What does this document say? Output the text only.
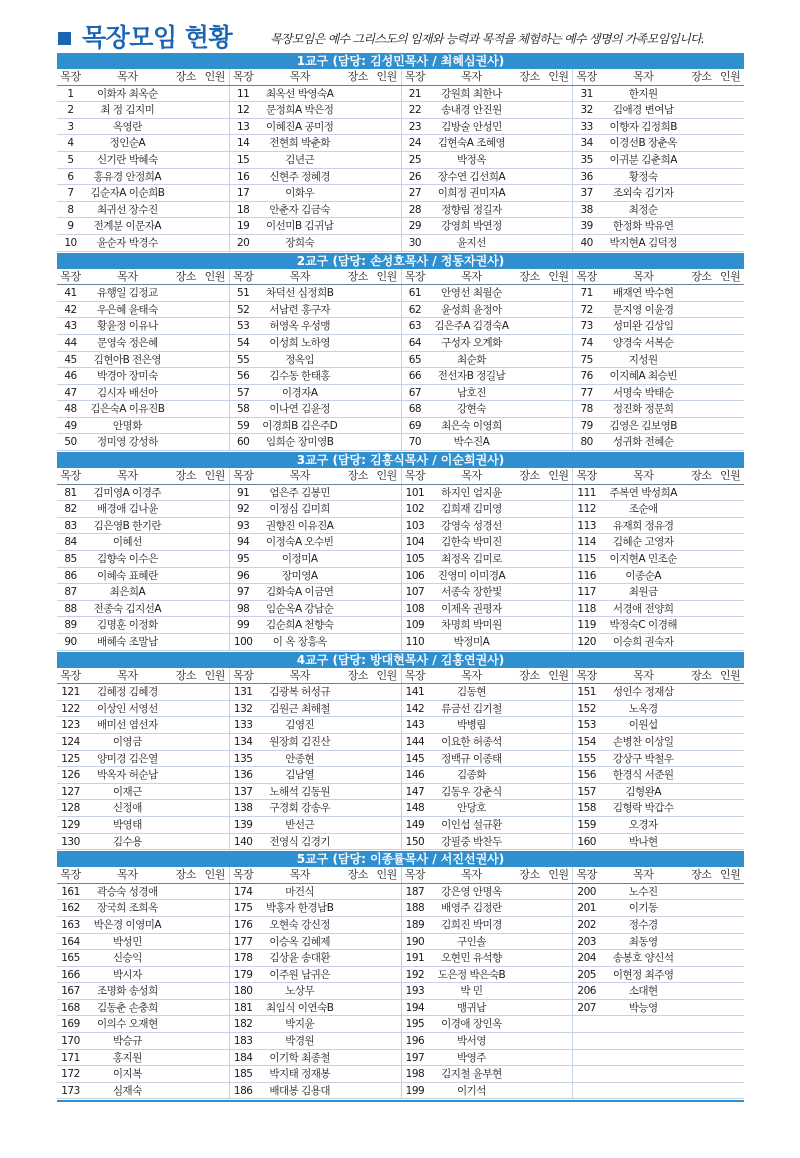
목장모임 현황	목장모임은 예수 그리스도의 임재와 능력과 목적을 체험하는 예수 생명의 가족모임입니다.
1교구 (담당: 김성민목사 / 최혜심권사)
목장	목자	장소 인원 목장	목자	장소 인원 목장	목자	장소 인원 목장	목자	장소 인원
1	이화자 최옥순	11	최옥선 박영숙A	21	강원희 최한나	31	한지원
2	최 정 김지미	12	문정희A 박은정	22	송내경 안진원	32	김애경 변여남
3	옥영란	13	이혜진A 공미정	23	김방술 안성민	33	이향자 김정희B
4	정인순A	14	전현희 박춘화	24	김현숙A 조혜영	34	이경선B 장춘옥
5	신기란 박혜숙	15	김년근	25	박정옥	35	이귀분 김춘희A
6	홍유경 안정희A	16	신현주 정혜경	26	장수연 김선희A	36	황정숙
7	김순자A 이순희B	17	이화우	27	이희정 권미자A	37	조외숙 김기자
8	최귀선 장수진	18	안춘자 김금숙	28	정향림 정길자	38	최정순
9	전계분 이문자A	19	이선미B 김귀남	29	강영희 박연정	39	한정화 박유연
10	윤순자 박경수	20	장희숙	30	윤지선	40	박지현A 김덕정
2교구 (담당: 손성호목사 / 정동자권사)
목장	목자	장소 인원 목장	목자	장소 인원 목장	목자	장소 인원 목장	목자	장소 인원
41	유행일 김정교	51	차덕선 심정희B	61	안영선 최월순	71	배재연 박수현
42	우은혜 윤태숙	52	서남련 홍구자	62	윤성희 윤정아	72	문지영 이윤경
43	황윤정 이유나	53	허영옥 우성맹	63	김은주A 김경숙A	73	성미완 김상임
44	문영숙 정은혜	54	이성희 노하영	64	구성자 오계화	74	양경숙 서복순
45	김현아B 전은영	55	정옥임	65	최순화	75	지성원
46	박경아 장미숙	56	김수동 한태홍	66	전선자B 정길남	76	이지혜A 최승빈
47	김시자 배선아	57	이경자A	67	남호진	77	서명숙 박태순
48	김은숙A 이유진B	58	이나연 김윤정	68	강현숙	78	정진화 정문희
49	안명화	59	이경희B 김은주D	69	최은숙 이영희	79	김영은 김보영B
50	정미영 강성하	60	임희순 장미영B	70	박수진A	80	성귀화 전혜순
3교구 (담당: 김홍식목사 / 이순희권사)
목장	목자	장소 인원 목장	목자	장소 인원 목장	목자	장소 인원 목장	목자	장소 인원
81	김미영A 이경주	91	엄은주 김봉민	101	하지인 엄지윤	111	주복연 박성희A
82	배경애 김나윤	92	이정심 김미희	102	김희재 김미영	112	조순애
83	김은영B 한기란	93	권향진 이유진A	103	강영숙 성경선	113	유재희 정유경
84	이혜선	94	이정숙A 오수빈	104	김한숙 박미진	114	김혜순 고영자
85	김향숙 이수은	95	이정미A	105	최정옥 김미로	115	이지현A 민조순
86	이혜숙 표혜란	96	장미영A	106	진영미 이미경A	116	이종순A
87	최은희A	97	김화숙A 이금연	107	서종숙 장한빛	117	최원금
88	전종숙 김지선A	98	임순옥A 강남순	108	이제옥 권평자	118	서경애 전양희
89	김명훈 이정화	99	김순희A 천향숙	109	차명희 박미원	119	박정숙C 이경해
90	배혜숙 조말남	100	이 옥 장흥옥	110	박정미A	120	이승희 권숙자
4교구 (담당: 방대현목사 / 김홍연권사)
목장	목자	장소 인원 목장	목자	장소 인원 목장	목자	장소 인원 목장	목자	장소 인원
121	김혜정 김혜경	131	김광복 허성규	141	김동현	151	성인수 정재삼
122	이상인 서영선	132	김원근 최해철	142	류금선 김기철	152	노옥경
123	배미선 염선자	133	김영진	143	박병림	153	이원섭
124	이영금	134	원장희 김진산	144	이요한 허종석	154	손병찬 이상일
125	양미경 김은열	135	안종현	145	정백규 이종태	155	강상구 박철우
126	박옥자 허순남	136	김남열	146	김종화	156	한경식 서준원
127	이재근	137	노해석 김동원	147	김동우 강춘식	157	김형완A
128	신정애	138	구경회 강송우	148	안당호	158	김형락 박갑수
129	박영태	139	반선근	149	이인섭 설규환	159	오경자
130	김수용	140	전영식 김경기	150	강필중 박찬두	160	박나현
5교구 (담당: 이종률목사 / 서진선권사)
목장	목자	장소 인원 목장	목자	장소 인원 목장	목자	장소 인원 목장	목자	장소 인원
161	곽승숙 성경애	174	마건식	187	강은영 안명옥	200	노수진
162	장국희 조희옥	175	박홍자 한경남B	188	배영주 김정란	201	이기동
163	박은경 이영미A	176	오현숙 강신정	189	김희진 박미경	202	정수경
164	박성민	177	이승옥 김혜제	190	구인솔	203	최동영
165	신승익	178	김상윤 송대환	191	오현민 유석향	204	송봉호 양신석
166	박시자	179	이주원 남귀은	192	도은정 박은숙B	205	이현정 최주영
167	조명화 송성희	180	노상무	193	박 민	206	소대현
168	김동춘 손충희	181	최임식 이연숙B	194	맹귀남	207	박능영
169	이의수 오재현	182	박지윤	195	이경애 장인옥
170	박승규	183	박경원	196	박서영
171	홍지원	184	이기학 최종철	197	박영주
172	이지복	185	박지태 정재봉	198	김지철 윤부현
173	심재숙	186	배대봉 김용대	199	이기석
